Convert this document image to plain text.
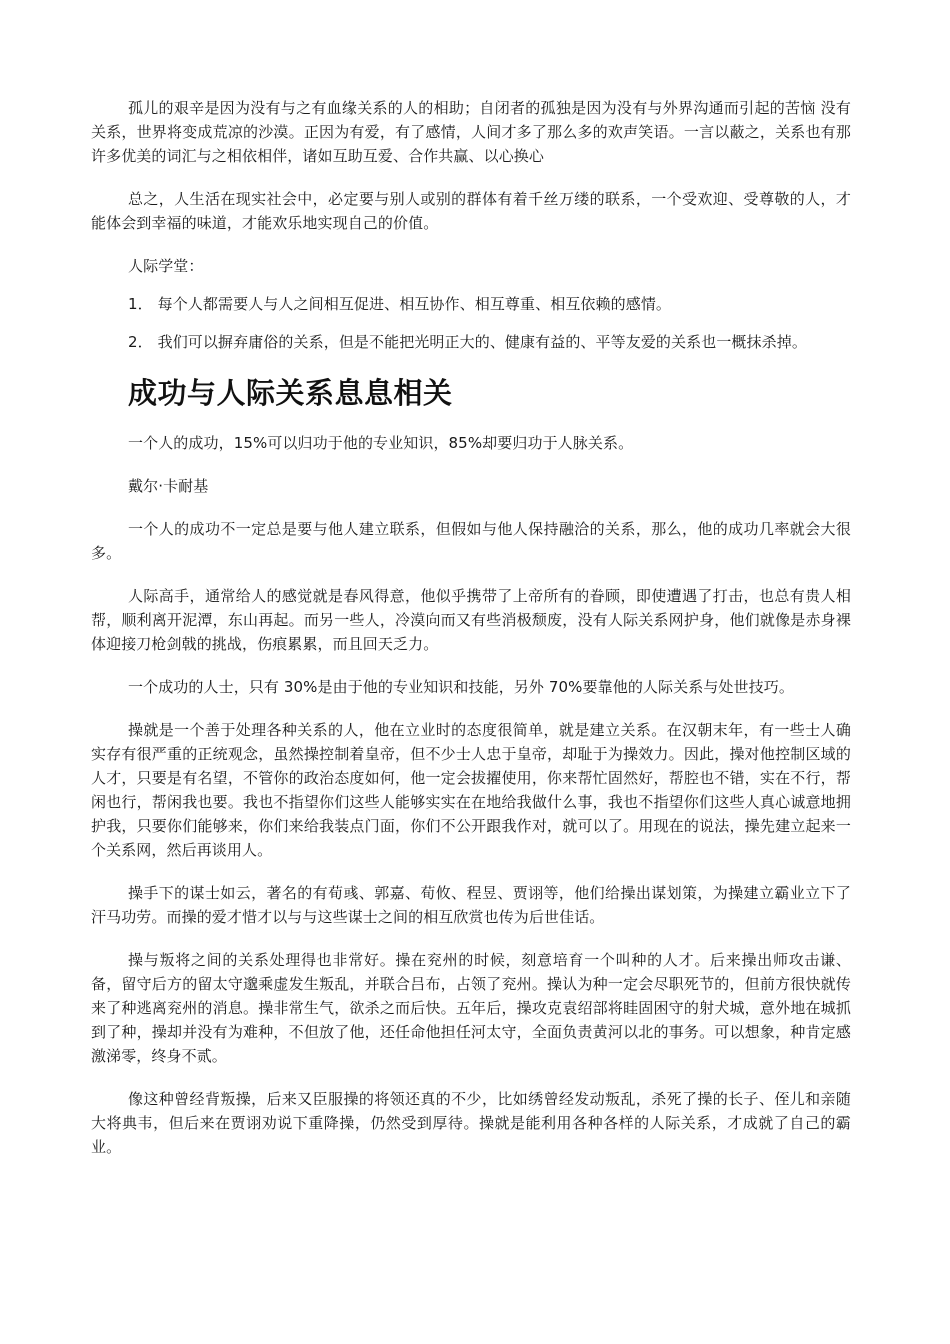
孤儿的艰辛是因为没有与之有血缘关系的人的相助；自闭者的孤独是因为没有与外界沟通而引起的苦恼 没有关系，世界将变成荒凉的沙漠。正因为有爱，有了感情，人间才多了那么多的欢声笑语。一言以蔽之，关系也有那许多优美的词汇与之相依相伴，诸如互助互爱、合作共赢、以心换心

总之，人生活在现实社会中，必定要与别人或别的群体有着千丝万缕的联系，一个受欢迎、受尊敬的人，才能体会到幸福的味道，才能欢乐地实现自己的价值。

人际学堂：

1． 每个人都需要人与人之间相互促进、相互协作、相互尊重、相互依赖的感情。

2． 我们可以摒弃庸俗的关系，但是不能把光明正大的、健康有益的、平等友爱的关系也一概抹杀掉。

成功与人际关系息息相关

一个人的成功，15%可以归功于他的专业知识，85%却要归功于人脉关系。

戴尔·卡耐基

一个人的成功不一定总是要与他人建立联系，但假如与他人保持融洽的关系，那么，他的成功几率就会大很多。

人际高手，通常给人的感觉就是春风得意，他似乎携带了上帝所有的眷顾，即使遭遇了打击，也总有贵人相帮，顺利离开泥潭，东山再起。而另一些人，冷漠向而又有些消极颓废，没有人际关系网护身，他们就像是赤身裸体迎接刀枪剑戟的挑战，伤痕累累，而且回天乏力。

一个成功的人士，只有 30%是由于他的专业知识和技能，另外 70%要靠他的人际关系与处世技巧。

操就是一个善于处理各种关系的人，他在立业时的态度很简单，就是建立关系。在汉朝末年，有一些士人确实存有很严重的正统观念，虽然操控制着皇帝，但不少士人忠于皇帝，却耻于为操效力。因此，操对他控制区域的人才，只要是有名望，不管你的政治态度如何，他一定会拔擢使用，你来帮忙固然好，帮腔也不错，实在不行，帮闲也行，帮闲我也要。我也不指望你们这些人能够实实在在地给我做什么事，我也不指望你们这些人真心诚意地拥护我，只要你们能够来，你们来给我装点门面，你们不公开跟我作对，就可以了。用现在的说法，操先建立起来一个关系网，然后再谈用人。

操手下的谋士如云，著名的有荀彧、郭嘉、荀攸、程昱、贾诩等，他们给操出谋划策，为操建立霸业立下了汗马功劳。而操的爱才惜才以与与这些谋士之间的相互欣赏也传为后世佳话。

操与叛将之间的关系处理得也非常好。操在兖州的时候，刻意培育一个叫种的人才。后来操出师攻击谦、备，留守后方的留太守邈乘虚发生叛乱，并联合吕布，占领了兖州。操认为种一定会尽职死节的，但前方很快就传来了种逃离兖州的消息。操非常生气，欲杀之而后快。五年后，操攻克袁绍部将眭固困守的射犬城，意外地在城抓到了种，操却并没有为难种，不但放了他，还任命他担任河太守，全面负责黄河以北的事务。可以想象，种肯定感激涕零，终身不贰。

像这种曾经背叛操，后来又臣服操的将领还真的不少，比如绣曾经发动叛乱，杀死了操的长子、侄儿和亲随大将典韦，但后来在贾诩劝说下重降操，仍然受到厚待。操就是能利用各种各样的人际关系，才成就了自己的霸业。
